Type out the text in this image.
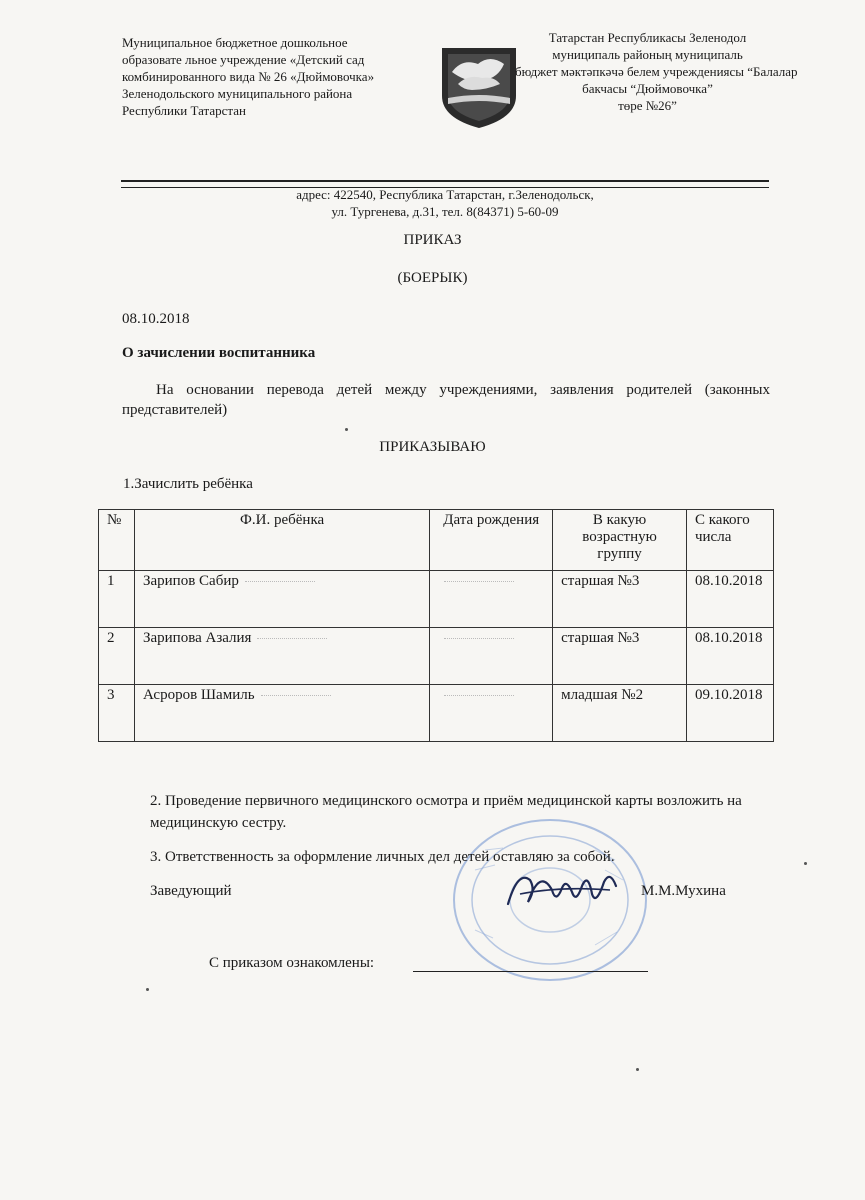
Муниципальное бюджетное дошкольное
образовате льное учреждение «Детский сад
комбинированного вида № 26 «Дюймовочка»
Зеленодольского муниципального района
Республики Татарстан
Татарстан Республикасы Зеленодол
муниципаль районың муниципаль
бюджет мәктәпкәчә белем учреждениясы “Балалар
бакчасы “Дюймовочка”
төре №26”
адрес: 422540, Республика Татарстан, г.Зеленодольск,
ул. Тургенева, д.31, тел. 8(84371) 5-60-09
ПРИКАЗ
(БОЕРЫК)
08.10.2018
О зачислении воспитанника
На основании перевода детей между учреждениями, заявления родителей (законных представителей)
ПРИКАЗЫВАЮ
1.Зачислить ребёнка
№	Ф.И. ребёнка	Дата рождения	В какую возрастную группу	С какого числа
1	Зарипов Сабир		старшая №3	08.10.2018
2	Зарипова Азалия		старшая №3	08.10.2018
3	Асроров Шамиль		младшая №2	09.10.2018
2. Проведение первичного медицинского осмотра и приём медицинской карты возложить на медицинскую сестру.
3. Ответственность за оформление личных дел детей оставляю за собой.
Заведующий	М.М.Мухина
С приказом ознакомлены:
